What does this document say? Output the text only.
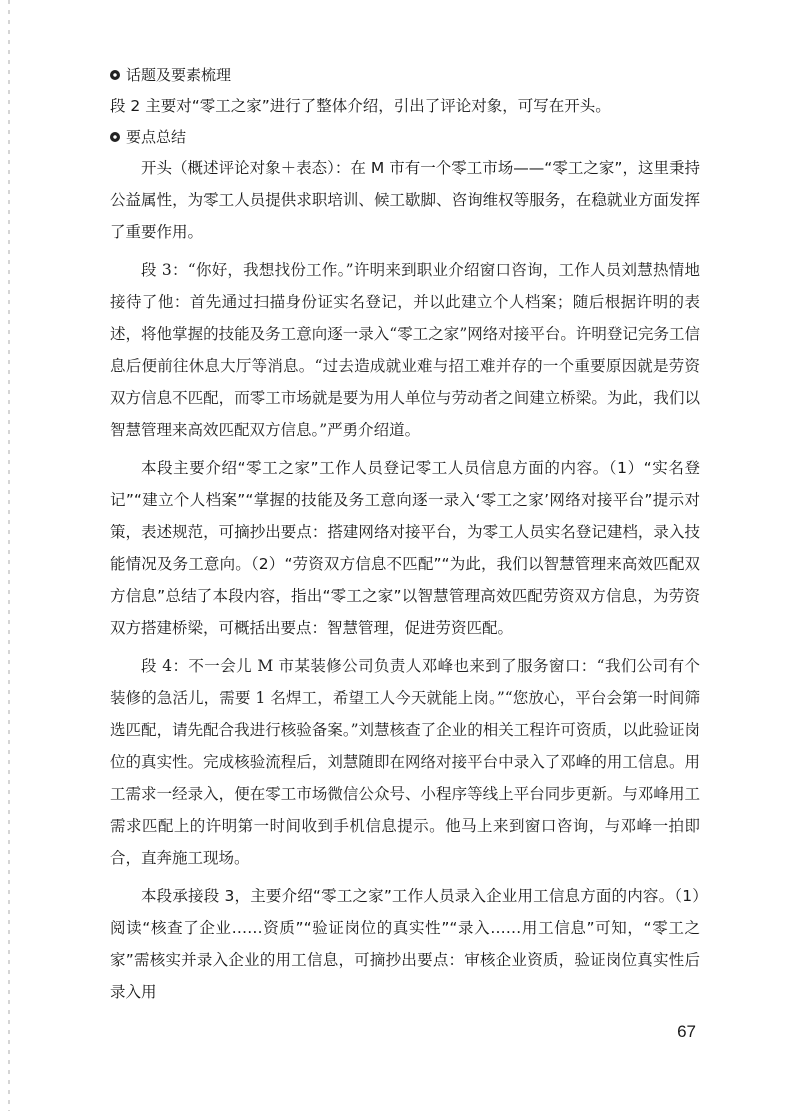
话题及要素梳理

段 2 主要对“零工之家”进行了整体介绍，引出了评论对象，可写在开头。

要点总结

开头（概述评论对象＋表态）：在 M 市有一个零工市场——“零工之家”，这里秉持公益属性，为零工人员提供求职培训、候工歇脚、咨询维权等服务，在稳就业方面发挥了重要作用。

段 3：“你好，我想找份工作。”许明来到职业介绍窗口咨询，工作人员刘慧热情地接待了他：首先通过扫描身份证实名登记，并以此建立个人档案；随后根据许明的表述，将他掌握的技能及务工意向逐一录入“零工之家”网络对接平台。许明登记完务工信息后便前往休息大厅等消息。“过去造成就业难与招工难并存的一个重要原因就是劳资双方信息不匹配，而零工市场就是要为用人单位与劳动者之间建立桥梁。为此，我们以智慧管理来高效匹配双方信息。”严勇介绍道。

本段主要介绍“零工之家”工作人员登记零工人员信息方面的内容。（1）“实名登记”“建立个人档案”“掌握的技能及务工意向逐一录入‘零工之家’网络对接平台”提示对策，表述规范，可摘抄出要点：搭建网络对接平台，为零工人员实名登记建档，录入技能情况及务工意向。（2）“劳资双方信息不匹配”“为此，我们以智慧管理来高效匹配双方信息”总结了本段内容，指出“零工之家”以智慧管理高效匹配劳资双方信息，为劳资双方搭建桥梁，可概括出要点：智慧管理，促进劳资匹配。

段 4：不一会儿 M 市某装修公司负责人邓峰也来到了服务窗口：“我们公司有个装修的急活儿，需要 1 名焊工，希望工人今天就能上岗。”“您放心，平台会第一时间筛选匹配，请先配合我进行核验备案。”刘慧核查了企业的相关工程许可资质，以此验证岗位的真实性。完成核验流程后，刘慧随即在网络对接平台中录入了邓峰的用工信息。用工需求一经录入，便在零工市场微信公众号、小程序等线上平台同步更新。与邓峰用工需求匹配上的许明第一时间收到手机信息提示。他马上来到窗口咨询，与邓峰一拍即合，直奔施工现场。

本段承接段 3，主要介绍“零工之家”工作人员录入企业用工信息方面的内容。（1）阅读“核查了企业……资质”“验证岗位的真实性”“录入……用工信息”可知，“零工之家”需核实并录入企业的用工信息，可摘抄出要点：审核企业资质，验证岗位真实性后录入用

67
